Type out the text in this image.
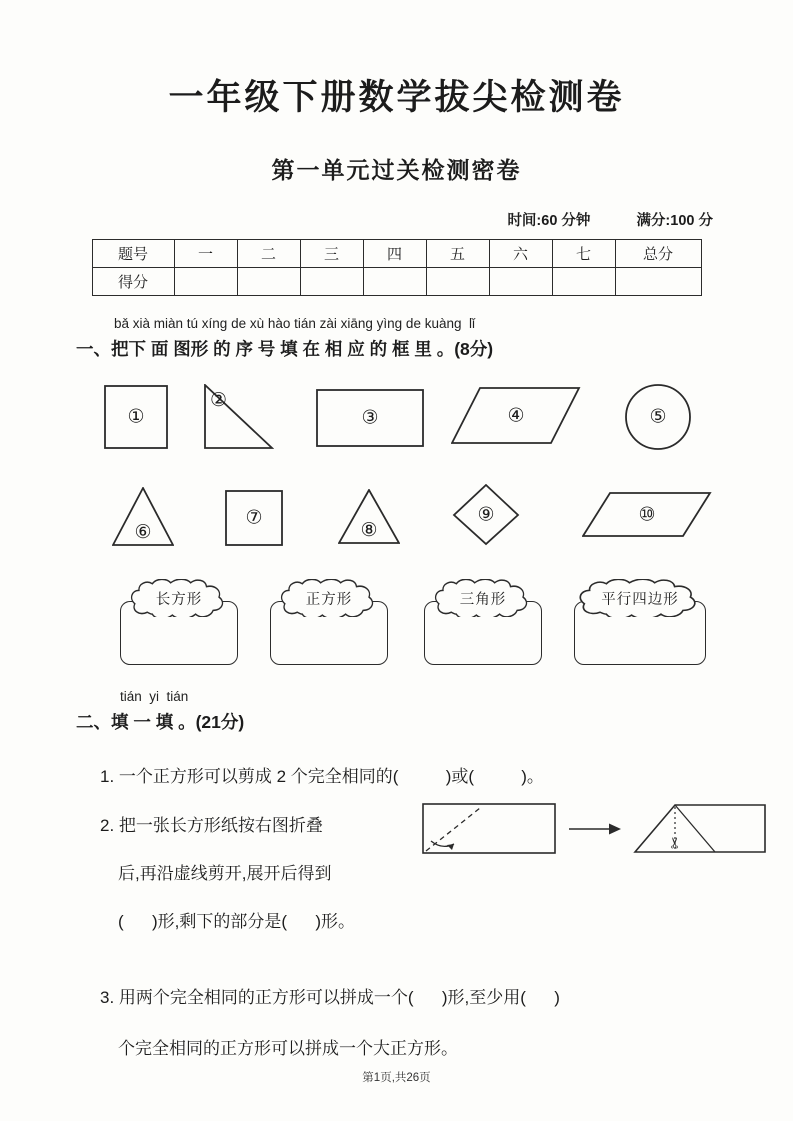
一年级下册数学拔尖检测卷
第一单元过关检测密卷
时间:60 分钟	满分:100 分
题号	一	二	三	四	五	六	七	总分
得分								
bǎ xià miàn tú xíng de xù hào tián zài xiāng yìng de kuàng  lǐ
一、把下 面 图形 的 序 号 填 在 相 应 的 框 里 。(8分)
①
②
③	④	⑤
⑥
⑦
⑧
⑨	⑩
长方形	正方形	三角形	平行四边形
tián  yi  tián
二、填 一 填 。(21分)
1. 一个正方形可以剪成 2 个完全相同的(          )或(          )。
2. 把一张长方形纸按右图折叠
后,再沿虚线剪开,展开后得到
(      )形,剩下的部分是(      )形。
✂
3. 用两个完全相同的正方形可以拼成一个(      )形,至少用(      )
个完全相同的正方形可以拼成一个大正方形。
第1页,共26页
